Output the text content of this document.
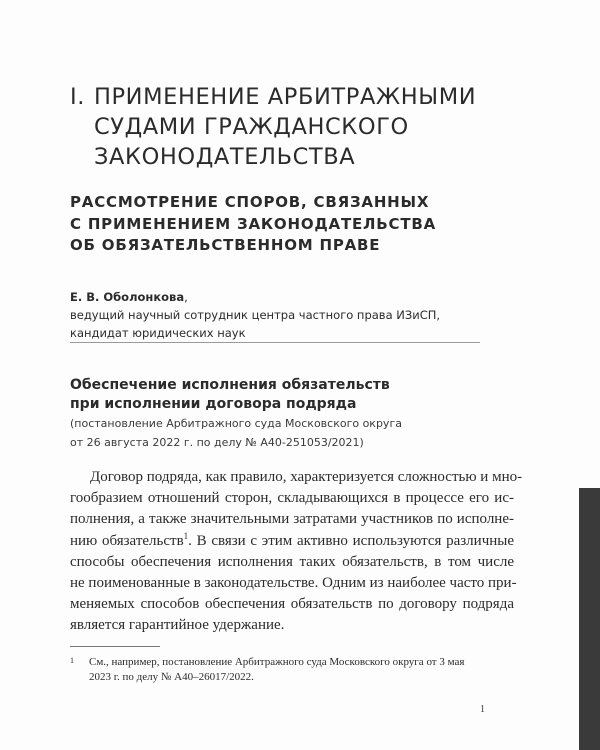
I. ПРИМЕНЕНИЕ АРБИТРАЖНЫМИ
СУДАМИ ГРАЖДАНСКОГО
ЗАКОНОДАТЕЛЬСТВА
РАССМОТРЕНИЕ СПОРОВ, СВЯЗАННЫХ
С ПРИМЕНЕНИЕМ ЗАКОНОДАТЕЛЬСТВА
ОБ ОБЯЗАТЕЛЬСТВЕННОМ ПРАВЕ
Е. В. Оболонкова,
ведущий научный сотрудник центра частного права ИЗиСП,
кандидат юридических наук
Обеспечение исполнения обязательств
при исполнении договора подряда
(постановление Арбитражного суда Московского округа
от 26 августа 2022 г. по делу № А40-251053/2021)
Договор подряда, как правило, характеризуется сложностью и мно-
гообразием отношений сторон, складывающихся в процессе его ис-
полнения, а также значительными затратами участников по исполне-
нию обязательств$^1$. В связи с этим активно используются различные
способы обеспечения исполнения таких обязательств, в том числе
не поименованные в законодательстве. Одним из наиболее часто при-
меняемых способов обеспечения обязательств по договору подряда
является гарантийное удержание.
1	См., например, постановление Арбитражного суда Московского округа от 3 мая
2023 г. по делу № А40–26017/2022.
1
